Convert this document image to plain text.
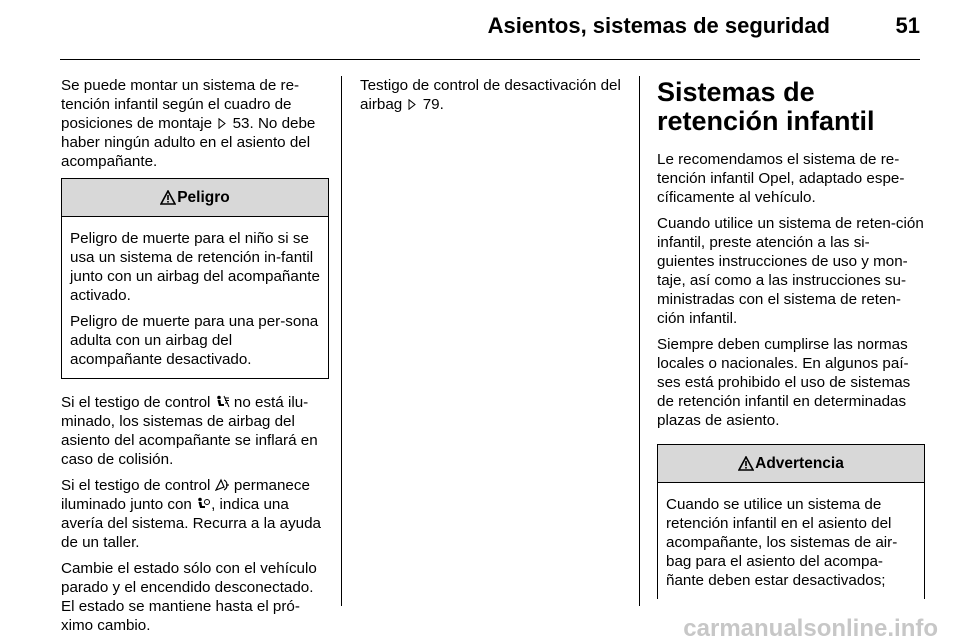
Asientos, sistemas de seguridad	51

Se puede montar un sistema de re-tención infantil según el cuadro de posiciones de montaje 53. No debe haber ningún adulto en el asiento del acompañante.

Peligro

Peligro de muerte para el niño si se usa un sistema de retención in-fantil junto con un airbag del acompañante activado.

Peligro de muerte para una per-sona adulta con un airbag del acompañante desactivado.

Si el testigo de control no está ilu-minado, los sistemas de airbag del asiento del acompañante se inflará en caso de colisión.

Si el testigo de control permanece iluminado junto con , indica una avería del sistema. Recurra a la ayuda de un taller.

Cambie el estado sólo con el vehículo parado y el encendido desconectado. El estado se mantiene hasta el pró-ximo cambio.

Testigo de control de desactivación del airbag 79.	Sistemas de retención infantil

Le recomendamos el sistema de re-tención infantil Opel, adaptado espe-cíficamente al vehículo.

Cuando utilice un sistema de reten-ción infantil, preste atención a las si-guientes instrucciones de uso y mon-taje, así como a las instrucciones su-ministradas con el sistema de reten-ción infantil.

Siempre deben cumplirse las normas locales o nacionales. En algunos paí-ses está prohibido el uso de sistemas de retención infantil en determinadas plazas de asiento.

Advertencia

Cuando se utilice un sistema de retención infantil en el asiento del acompañante, los sistemas de air-bag para el asiento del acompa-ñante deben estar desactivados;

carmanualsonline.info
